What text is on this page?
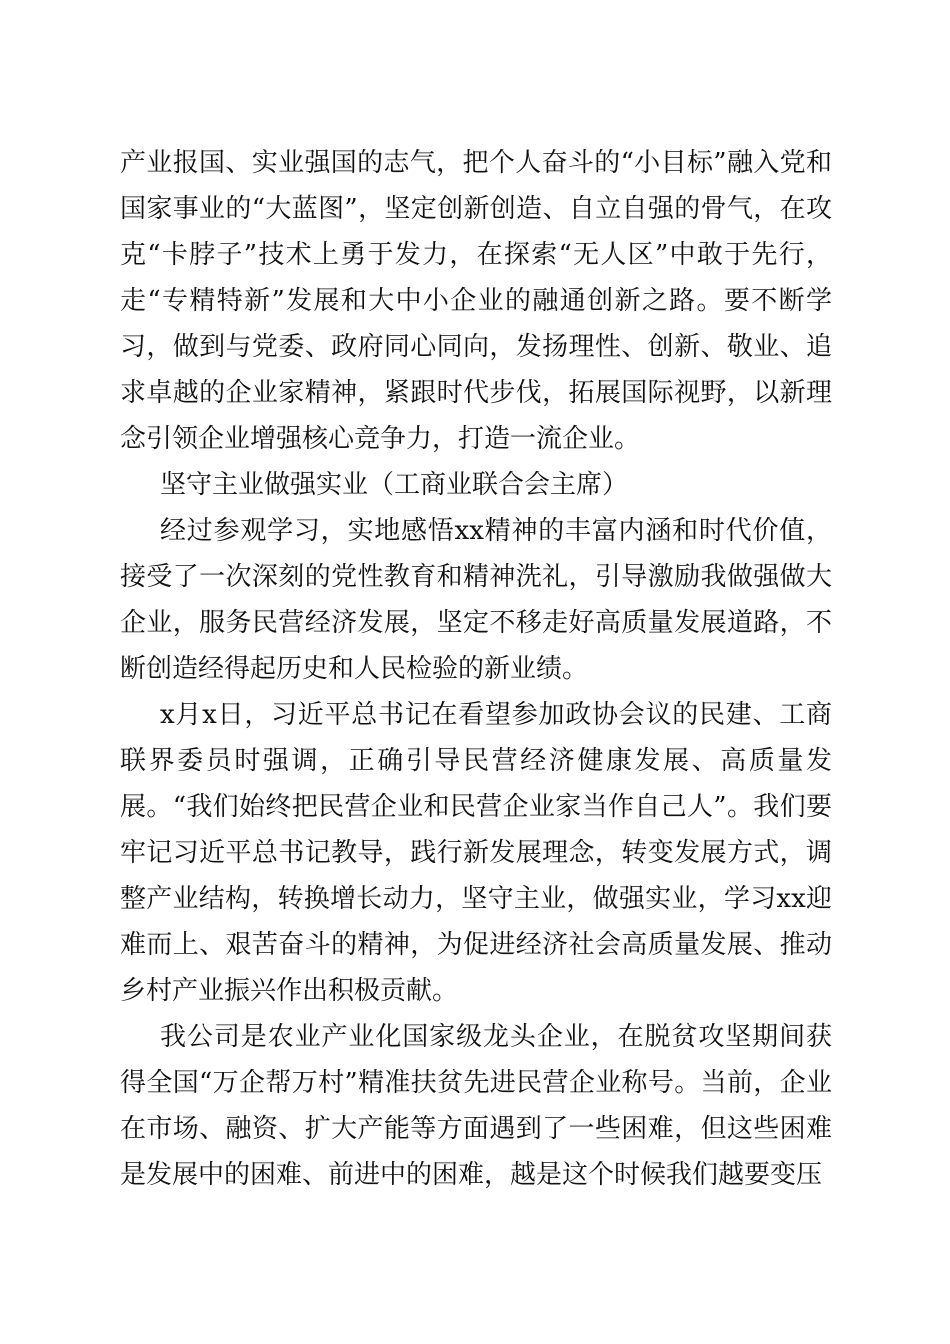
产业报国、实业强国的志气，把个人奋斗的“小目标”融入党和国家事业的“大蓝图”，坚定创新创造、自立自强的骨气，在攻克“卡脖子”技术上勇于发力，在探索“无人区”中敢于先行，走“专精特新”发展和大中小企业的融通创新之路。要不断学习，做到与党委、政府同心同向，发扬理性、创新、敬业、追求卓越的企业家精神，紧跟时代步伐，拓展国际视野，以新理念引领企业增强核心竞争力，打造一流企业。

坚守主业做强实业（工商业联合会主席）

经过参观学习，实地感悟xx精神的丰富内涵和时代价值，接受了一次深刻的党性教育和精神洗礼，引导激励我做强做大企业，服务民营经济发展，坚定不移走好高质量发展道路，不断创造经得起历史和人民检验的新业绩。

x月x日，习近平总书记在看望参加政协会议的民建、工商联界委员时强调，正确引导民营经济健康发展、高质量发展。“我们始终把民营企业和民营企业家当作自己人”。我们要牢记习近平总书记教导，践行新发展理念，转变发展方式，调整产业结构，转换增长动力，坚守主业，做强实业，学习xx迎难而上、艰苦奋斗的精神，为促进经济社会高质量发展、推动乡村产业振兴作出积极贡献。

我公司是农业产业化国家级龙头企业，在脱贫攻坚期间获得全国“万企帮万村”精准扶贫先进民营企业称号。当前，企业在市场、融资、扩大产能等方面遇到了一些困难，但这些困难是发展中的困难、前进中的困难，越是这个时候我们越要变压
